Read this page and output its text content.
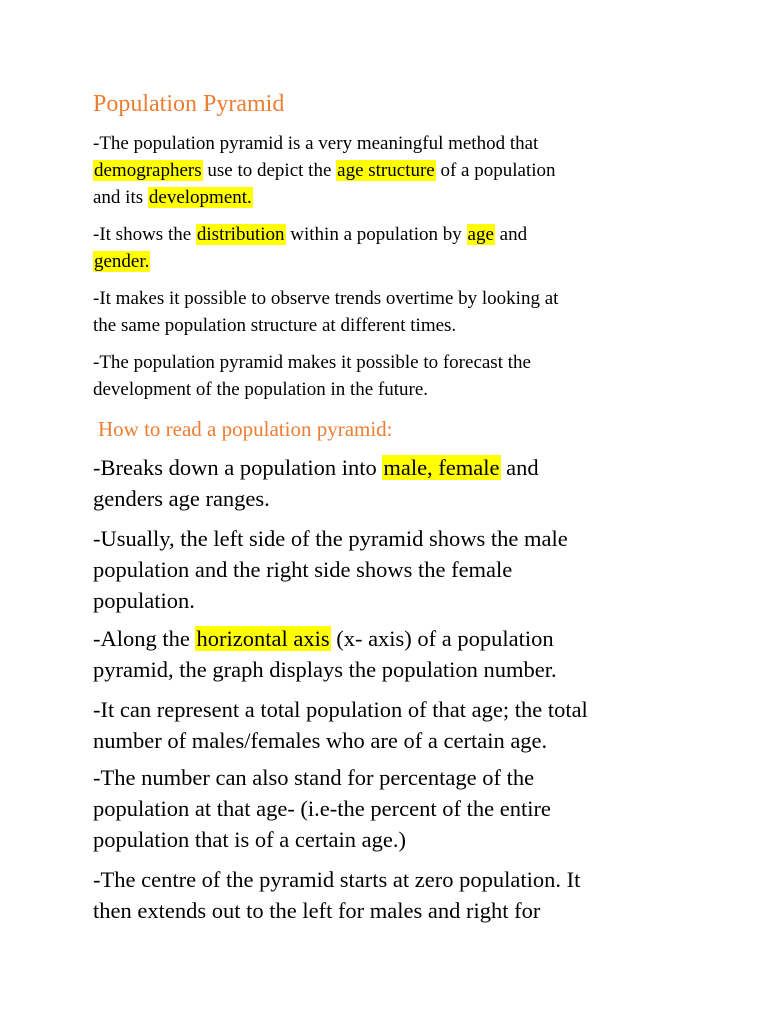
Population Pyramid

-The population pyramid is a very meaningful method that
demographers use to depict the age structure of a population
and its development.

-It shows the distribution within a population by age and
gender.

-It makes it possible to observe trends overtime by looking at
the same population structure at different times.

-The population pyramid makes it possible to forecast the
development of the population in the future.

How to read a population pyramid:

-Breaks down a population into male, female and
genders age ranges.

-Usually, the left side of the pyramid shows the male
population and the right side shows the female
population.

-Along the horizontal axis (x- axis) of a population
pyramid, the graph displays the population number.

-It can represent a total population of that age; the total
number of males/females who are of a certain age.

-The number can also stand for percentage of the
population at that age- (i.e-the percent of the entire
population that is of a certain age.)

-The centre of the pyramid starts at zero population. It
then extends out to the left for males and right for
